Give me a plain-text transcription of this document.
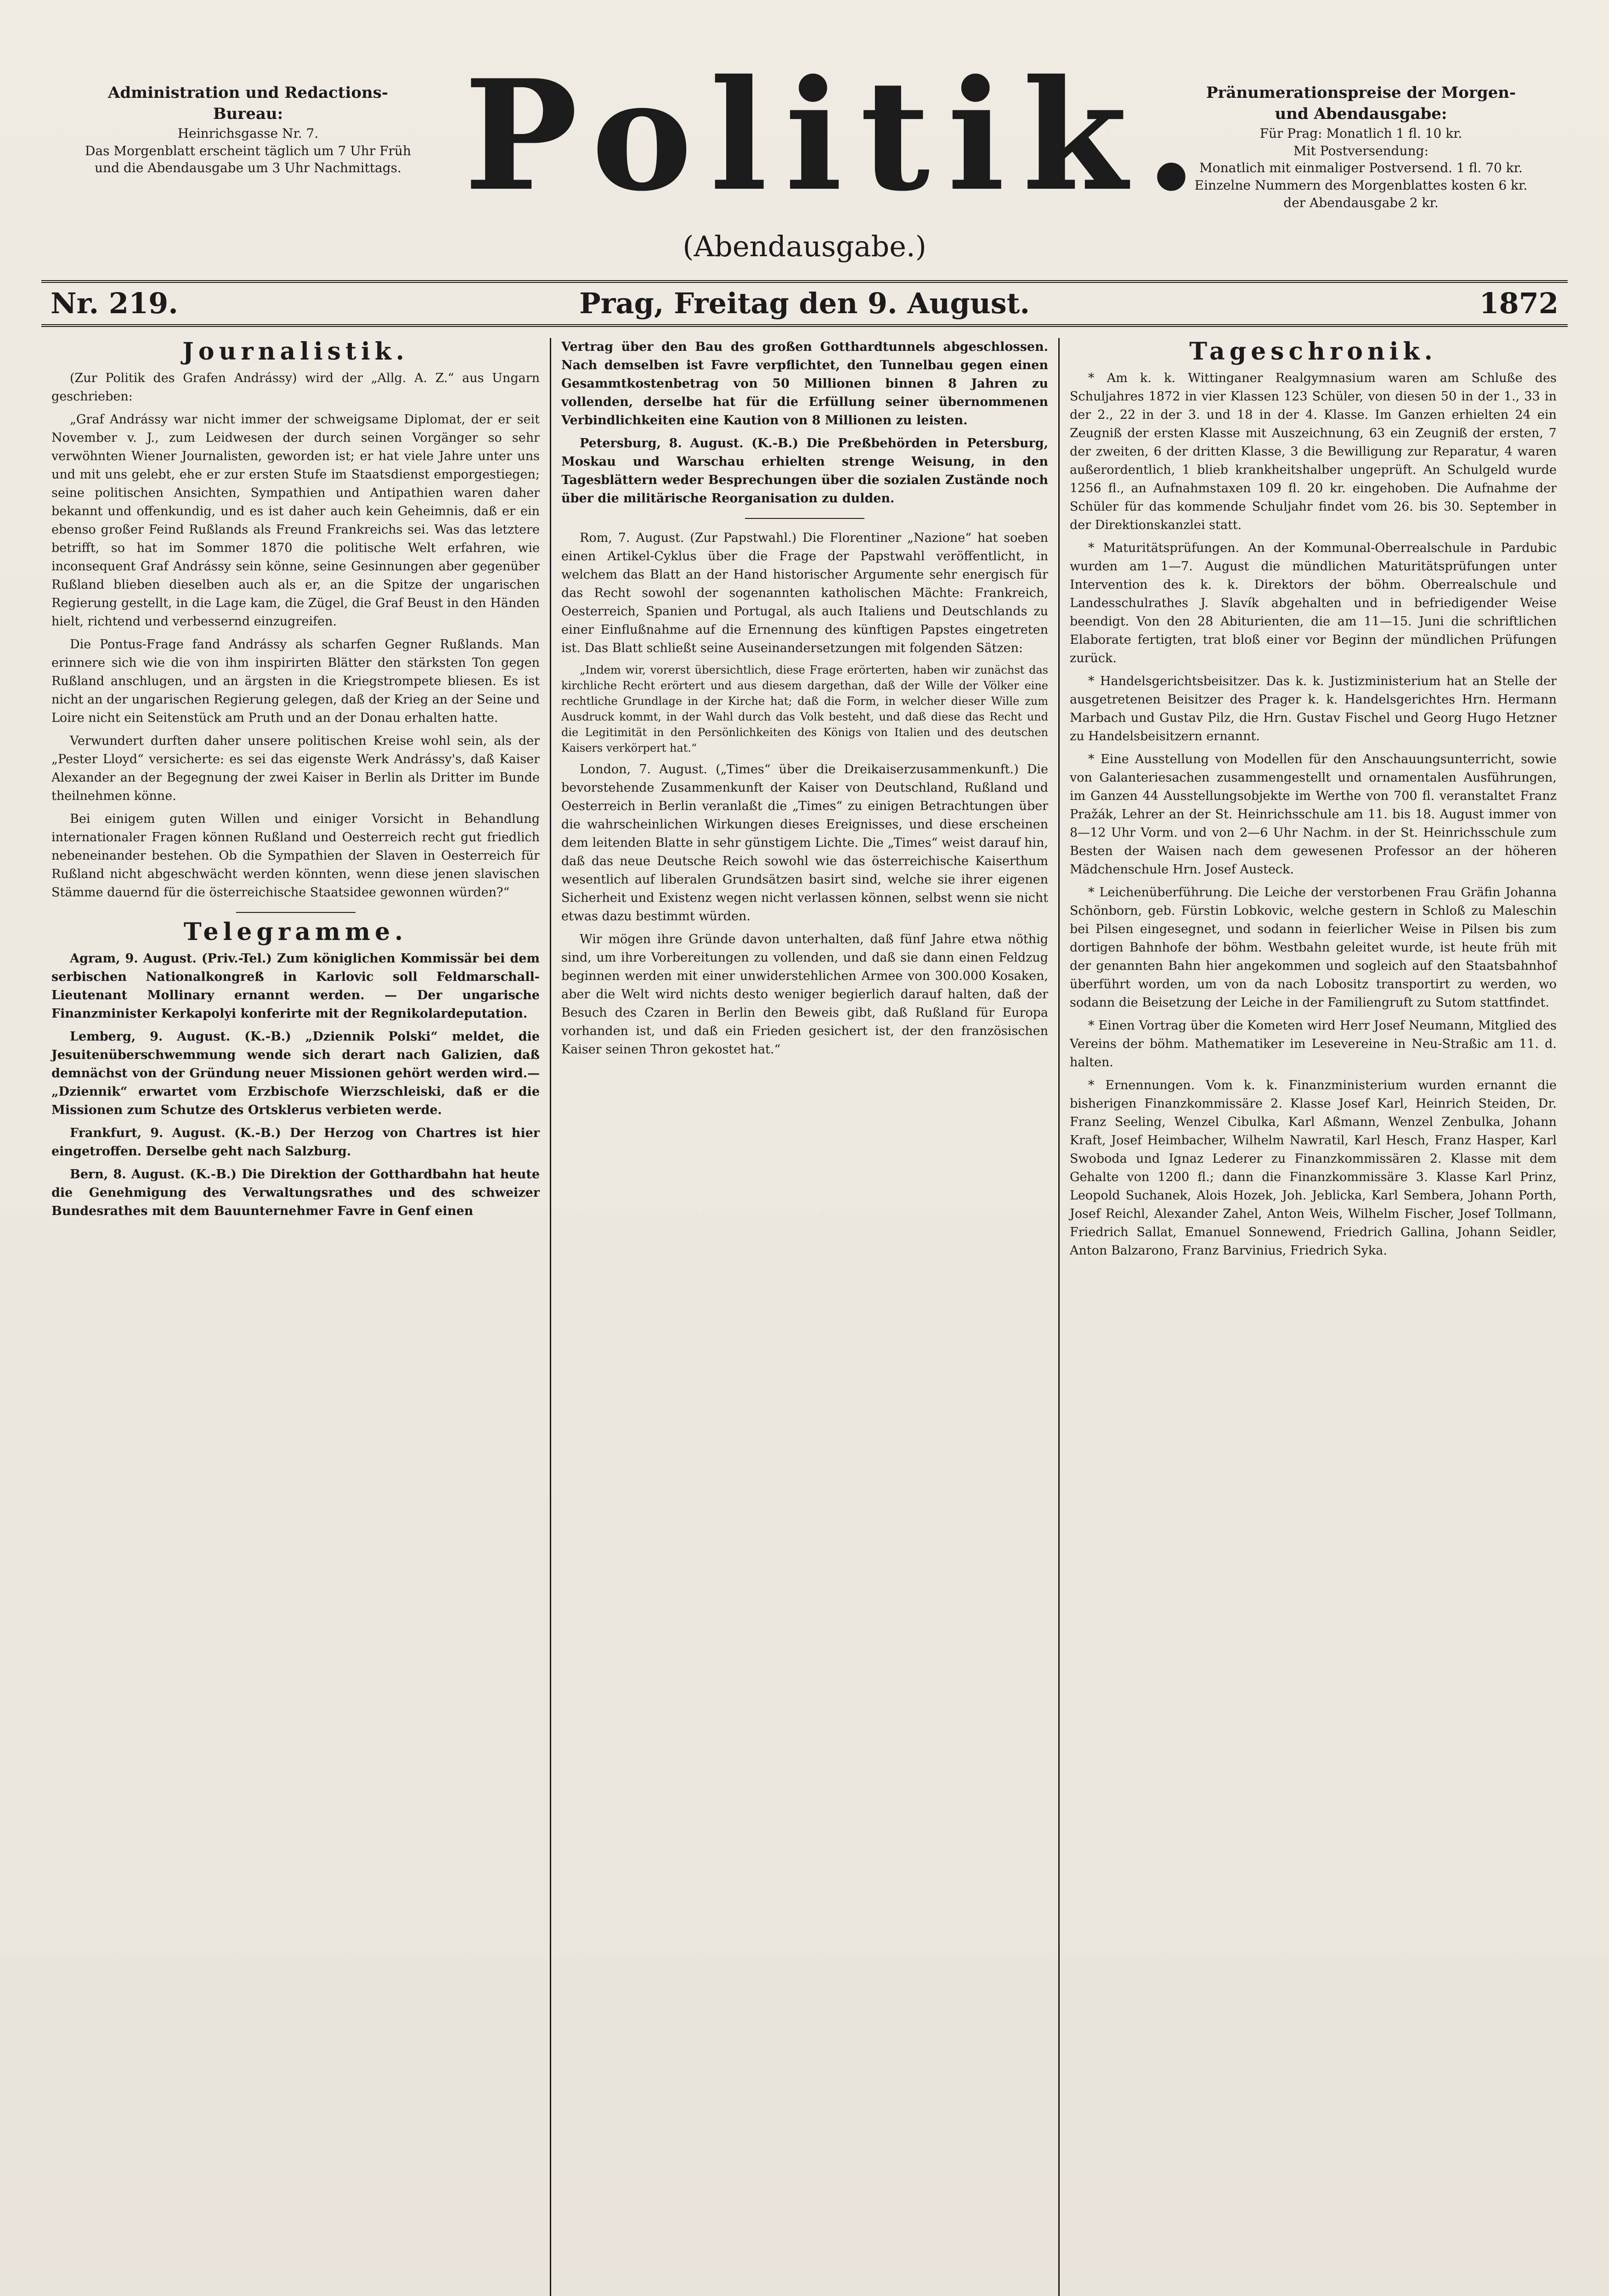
Administration und Redactions-
Bureau:
Heinrichsgasse Nr. 7.
Das Morgenblatt erscheint täglich um 7 Uhr Früh
und die Abendausgabe um 3 Uhr Nachmittags. Politik.
Pränumerationspreise der Morgen-
und Abendausgabe:
Für Prag: Monatlich 1 fl. 10 kr.
Mit Postversendung:
Monatlich mit einmaliger Postversend. 1 fl. 70 kr.
Einzelne Nummern des Morgenblattes kosten 6 kr.
der Abendausgabe 2 kr.
(Abendausgabe.)
Nr. 219.	Prag, Freitag den 9. August.	1872
Journalistik.

(Zur Politik des Grafen Andrássy) wird der „Allg. A. Z.“ aus Ungarn geschrieben:

„Graf Andrássy war nicht immer der schweigsame Diplomat, der er seit November v. J., zum Leidwesen der durch seinen Vorgänger so sehr verwöhnten Wiener Journalisten, geworden ist; er hat viele Jahre unter uns und mit uns gelebt, ehe er zur ersten Stufe im Staatsdienst emporgestiegen; seine politischen Ansichten, Sympathien und Antipathien waren daher bekannt und offenkundig, und es ist daher auch kein Geheimnis, daß er ein ebenso großer Feind Rußlands als Freund Frankreichs sei. Was das letztere betrifft, so hat im Sommer 1870 die politische Welt erfahren, wie inconsequent Graf Andrássy sein könne, seine Gesinnungen aber gegenüber Rußland blieben dieselben auch als er, an die Spitze der ungarischen Regierung gestellt, in die Lage kam, die Zügel, die Graf Beust in den Händen hielt, richtend und verbessernd einzugreifen.

Die Pontus-Frage fand Andrássy als scharfen Gegner Rußlands. Man erinnere sich wie die von ihm inspirirten Blätter den stärksten Ton gegen Rußland anschlugen, und an ärgsten in die Kriegstrompete bliesen. Es ist nicht an der ungarischen Regierung gelegen, daß der Krieg an der Seine und Loire nicht ein Seitenstück am Pruth und an der Donau erhalten hatte.

Verwundert durften daher unsere politischen Kreise wohl sein, als der „Pester Lloyd“ versicherte: es sei das eigenste Werk Andrássy's, daß Kaiser Alexander an der Begegnung der zwei Kaiser in Berlin als Dritter im Bunde theilnehmen könne.

Bei einigem guten Willen und einiger Vorsicht in Behandlung internationaler Fragen können Rußland und Oesterreich recht gut friedlich nebeneinander bestehen. Ob die Sympathien der Slaven in Oesterreich für Rußland nicht abgeschwächt werden könnten, wenn diese jenen slavischen Stämme dauernd für die österreichische Staatsidee gewonnen würden?“

Telegramme.

Agram, 9. August. (Priv.-Tel.) Zum königlichen Kommissär bei dem serbischen Nationalkongreß in Karlovic soll Feldmarschall-Lieutenant Mollinary ernannt werden. — Der ungarische Finanzminister Kerkapolyi konferirte mit der Regnikolardeputation.

Lemberg, 9. August. (K.-B.) „Dziennik Polski“ meldet, die Jesuitenüberschwemmung wende sich derart nach Galizien, daß demnächst von der Gründung neuer Missionen gehört werden wird.— „Dziennik“ erwartet vom Erzbischofe Wierzschleiski, daß er die Missionen zum Schutze des Ortsklerus verbieten werde.

Frankfurt, 9. August. (K.-B.) Der Herzog von Chartres ist hier eingetroffen. Derselbe geht nach Salzburg.

Bern, 8. August. (K.-B.) Die Direktion der Gotthardbahn hat heute die Genehmigung des Verwaltungsrathes und des schweizer Bundesrathes mit dem Bauunternehmer Favre in Genf einen

Vertrag über den Bau des großen Gotthardtunnels abgeschlossen. Nach demselben ist Favre verpflichtet, den Tunnelbau gegen einen Gesammtkostenbetrag von 50 Millionen binnen 8 Jahren zu vollenden, derselbe hat für die Erfüllung seiner übernommenen Verbindlichkeiten eine Kaution von 8 Millionen zu leisten.

Petersburg, 8. August. (K.-B.) Die Preßbehörden in Petersburg, Moskau und Warschau erhielten strenge Weisung, in den Tagesblättern weder Besprechungen über die sozialen Zustände noch über die militärische Reorganisation zu dulden.

Rom, 7. August. (Zur Papstwahl.) Die Florentiner „Nazione“ hat soeben einen Artikel-Cyklus über die Frage der Papstwahl veröffentlicht, in welchem das Blatt an der Hand historischer Argumente sehr energisch für das Recht sowohl der sogenannten katholischen Mächte: Frankreich, Oesterreich, Spanien und Portugal, als auch Italiens und Deutschlands zu einer Einflußnahme auf die Ernennung des künftigen Papstes eingetreten ist. Das Blatt schließt seine Auseinandersetzungen mit folgenden Sätzen:

„Indem wir, vorerst übersichtlich, diese Frage erörterten, haben wir zunächst das kirchliche Recht erörtert und aus diesem dargethan, daß der Wille der Völker eine rechtliche Grundlage in der Kirche hat; daß die Form, in welcher dieser Wille zum Ausdruck kommt, in der Wahl durch das Volk besteht, und daß diese das Recht und die Legitimität in den Persönlichkeiten des Königs von Italien und des deutschen Kaisers verkörpert hat.“

London, 7. August. („Times“ über die Dreikaiserzusammenkunft.) Die bevorstehende Zusammenkunft der Kaiser von Deutschland, Rußland und Oesterreich in Berlin veranlaßt die „Times“ zu einigen Betrachtungen über die wahrscheinlichen Wirkungen dieses Ereignisses, und diese erscheinen dem leitenden Blatte in sehr günstigem Lichte. Die „Times“ weist darauf hin, daß das neue Deutsche Reich sowohl wie das österreichische Kaiserthum wesentlich auf liberalen Grundsätzen basirt sind, welche sie ihrer eigenen Sicherheit und Existenz wegen nicht verlassen können, selbst wenn sie nicht etwas dazu bestimmt würden.

Wir mögen ihre Gründe davon unterhalten, daß fünf Jahre etwa nöthig sind, um ihre Vorbereitungen zu vollenden, und daß sie dann einen Feldzug beginnen werden mit einer unwiderstehlichen Armee von 300.000 Kosaken, aber die Welt wird nichts desto weniger begierlich darauf halten, daß der Besuch des Czaren in Berlin den Beweis gibt, daß Rußland für Europa vorhanden ist, und daß ein Frieden gesichert ist, der den französischen Kaiser seinen Thron gekostet hat.“

Tageschronik.

* Am k. k. Wittinganer Realgymnasium waren am Schluße des Schuljahres 1872 in vier Klassen 123 Schüler, von diesen 50 in der 1., 33 in der 2., 22 in der 3. und 18 in der 4. Klasse. Im Ganzen erhielten 24 ein Zeugniß der ersten Klasse mit Auszeichnung, 63 ein Zeugniß der ersten, 7 der zweiten, 6 der dritten Klasse, 3 die Bewilligung zur Reparatur, 4 waren außerordentlich, 1 blieb krankheitshalber ungeprüft. An Schulgeld wurde 1256 fl., an Aufnahmstaxen 109 fl. 20 kr. eingehoben. Die Aufnahme der Schüler für das kommende Schuljahr findet vom 26. bis 30. September in der Direktionskanzlei statt.

* Maturitätsprüfungen. An der Kommunal-Oberrealschule in Pardubic wurden am 1—7. August die mündlichen Maturitätsprüfungen unter Intervention des k. k. Direktors der böhm. Oberrealschule und Landesschulrathes J. Slavík abgehalten und in befriedigender Weise beendigt. Von den 28 Abiturienten, die am 11—15. Juni die schriftlichen Elaborate fertigten, trat bloß einer vor Beginn der mündlichen Prüfungen zurück.

* Handelsgerichtsbeisitzer. Das k. k. Justizministerium hat an Stelle der ausgetretenen Beisitzer des Prager k. k. Handelsgerichtes Hrn. Hermann Marbach und Gustav Pilz, die Hrn. Gustav Fischel und Georg Hugo Hetzner zu Handelsbeisitzern ernannt.

* Eine Ausstellung von Modellen für den Anschauungsunterricht, sowie von Galanteriesachen zusammengestellt und ornamentalen Ausführungen, im Ganzen 44 Ausstellungsobjekte im Werthe von 700 fl. veranstaltet Franz Pražák, Lehrer an der St. Heinrichsschule am 11. bis 18. August immer von 8—12 Uhr Vorm. und von 2—6 Uhr Nachm. in der St. Heinrichsschule zum Besten der Waisen nach dem gewesenen Professor an der höheren Mädchenschule Hrn. Josef Austeck.

* Leichenüberführung. Die Leiche der verstorbenen Frau Gräfin Johanna Schönborn, geb. Fürstin Lobkovic, welche gestern in Schloß zu Maleschin bei Pilsen eingesegnet, und sodann in feierlicher Weise in Pilsen bis zum dortigen Bahnhofe der böhm. Westbahn geleitet wurde, ist heute früh mit der genannten Bahn hier angekommen und sogleich auf den Staatsbahnhof überführt worden, um von da nach Lobositz transportirt zu werden, wo sodann die Beisetzung der Leiche in der Familiengruft zu Sutom stattfindet.

* Einen Vortrag über die Kometen wird Herr Josef Neumann, Mitglied des Vereins der böhm. Mathematiker im Lesevereine in Neu-Straßic am 11. d. halten.

* Ernennungen. Vom k. k. Finanzministerium wurden ernannt die bisherigen Finanzkommissäre 2. Klasse Josef Karl, Heinrich Steiden, Dr. Franz Seeling, Wenzel Cibulka, Karl Aßmann, Wenzel Zenbulka, Johann Kraft, Josef Heimbacher, Wilhelm Nawratil, Karl Hesch, Franz Hasper, Karl Swoboda und Ignaz Lederer zu Finanzkommissären 2. Klasse mit dem Gehalte von 1200 fl.; dann die Finanzkommissäre 3. Klasse Karl Prinz, Leopold Suchanek, Alois Hozek, Joh. Jeblicka, Karl Sembera, Johann Porth, Josef Reichl, Alexander Zahel, Anton Weis, Wilhelm Fischer, Josef Tollmann, Friedrich Sallat, Emanuel Sonnewend, Friedrich Gallina, Johann Seidler, Anton Balzarono, Franz Barvinius, Friedrich Syka.
